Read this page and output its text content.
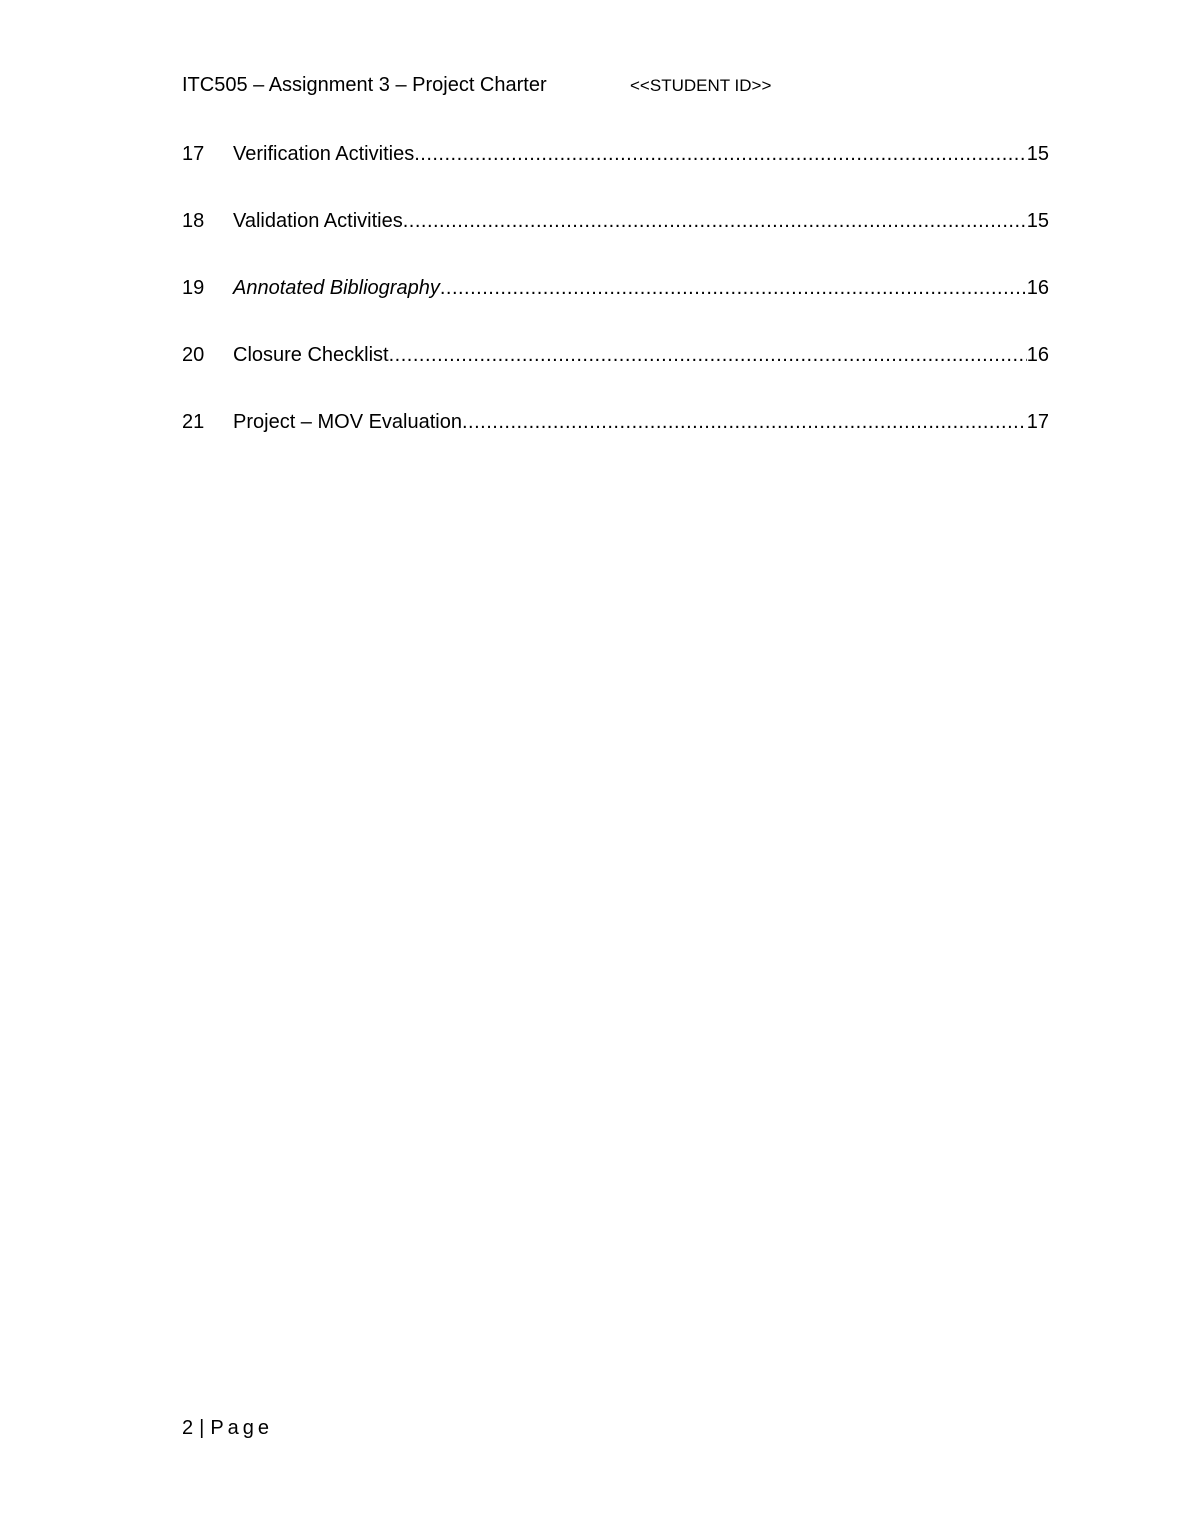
ITC505 – Assignment 3 – Project Charter	<<STUDENT ID>>
17	Verification Activities .....	15
18	Validation Activities .....	15
19	Annotated Bibliography .....	16
20	Closure Checklist .....	16
21	Project – MOV Evaluation .....	17
2 | Page
